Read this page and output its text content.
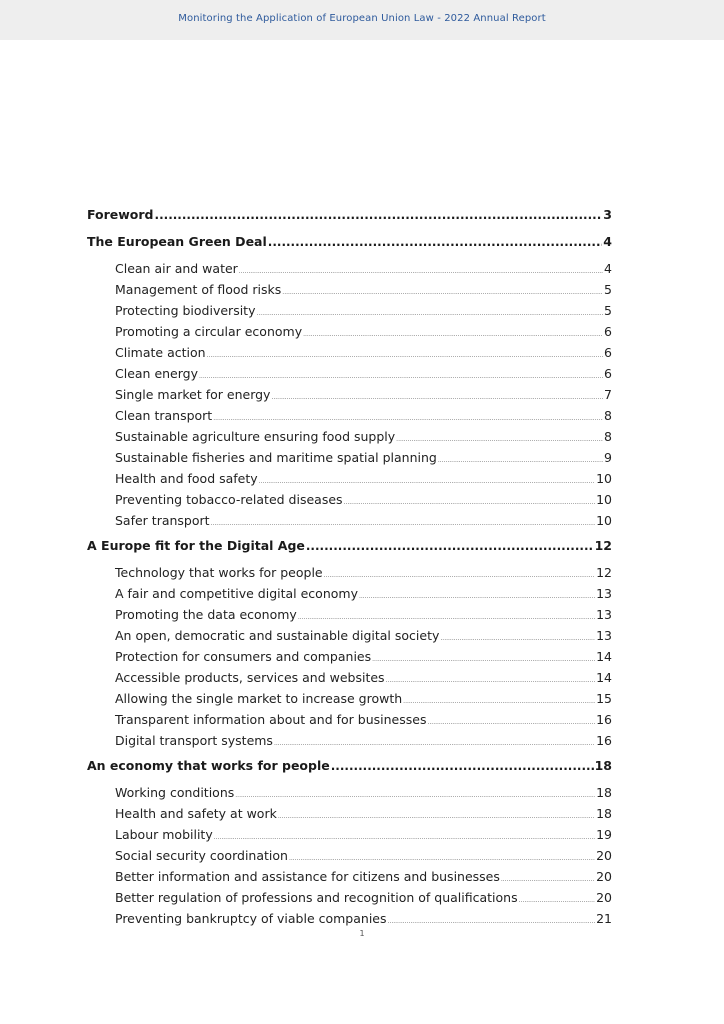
Monitoring the Application of European Union Law - 2022 Annual Report
Foreword .....	3
The European Green Deal .....	4
Clean air and water .....	4
Management of flood risks .....	5
Protecting biodiversity .....	5
Promoting a circular economy .....	6
Climate action .....	6
Clean energy .....	6
Single market for energy .....	7
Clean transport .....	8
Sustainable agriculture ensuring food supply .....	8
Sustainable fisheries and maritime spatial planning .....	9
Health and food safety .....	10
Preventing tobacco-related diseases .....	10
Safer transport .....	10
A Europe fit for the Digital Age .....	12
Technology that works for people .....	12
A fair and competitive digital economy .....	13
Promoting the data economy .....	13
An open, democratic and sustainable digital society .....	13
Protection for consumers and companies .....	14
Accessible products, services and websites .....	14
Allowing the single market to increase growth .....	15
Transparent information about and for businesses .....	16
Digital transport systems .....	16
An economy that works for people .....	18
Working conditions .....	18
Health and safety at work .....	18
Labour mobility .....	19
Social security coordination .....	20
Better information and assistance for citizens and businesses .....	20
Better regulation of professions and recognition of qualifications .....	20
Preventing bankruptcy of viable companies .....	21
1
